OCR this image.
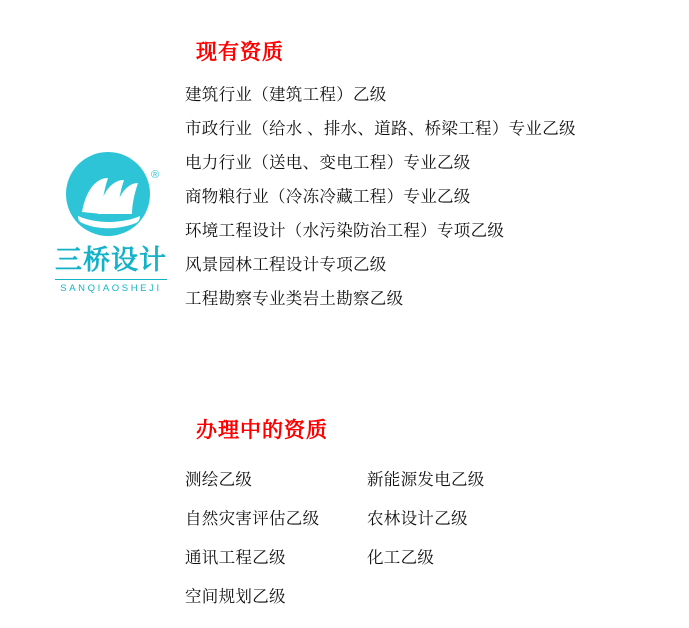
®
三桥设计
SANQIAOSHEJI
现有资质
建筑行业（建筑工程）乙级
市政行业（给水 、排水、道路、桥梁工程）专业乙级
电力行业（送电、变电工程）专业乙级
商物粮行业（冷冻冷藏工程）专业乙级
环境工程设计（水污染防治工程）专项乙级
风景园林工程设计专项乙级
工程勘察专业类岩土勘察乙级
办理中的资质
测绘乙级	新能源发电乙级
自然灾害评估乙级	农林设计乙级
通讯工程乙级	化工乙级
空间规划乙级
